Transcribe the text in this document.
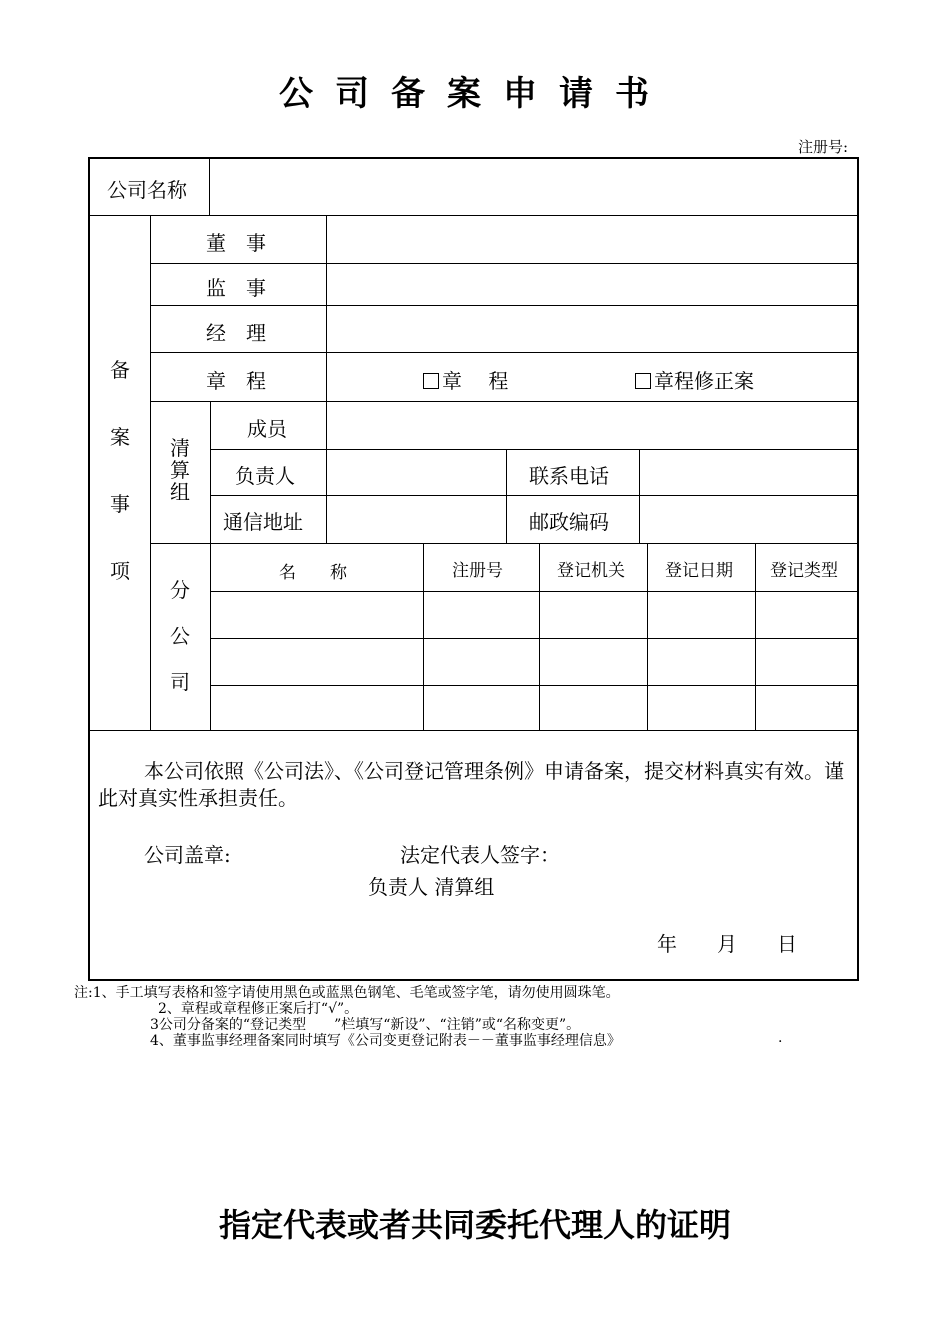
公司备案申请书
注册号:
公司名称
备
案
事
项
董　事
监　事
经　理
章　程	章　 程	章程修正案
清
算
组
成员
负责人	联系电话
通信地址	邮政编码
分
公
司
名　　称	注册号	登记机关 登记日期 登记类型
本公司依照《公司法》、《公司登记管理条例》申请备案，提交材料真实有效。谨此对真实性承担责任。
公司盖章:	法定代表人签字：
负责人 清算组
年　　月　　日
注:1、手工填写表格和签字请使用黑色或蓝黑色钢笔、毛笔或签字笔，请勿使用圆珠笔。
2、章程或章程修正案后打“√”。
3公司分备案的“登记类型　　”栏填写“新设”、“注销”或“名称变更”。
4、董事监事经理备案同时填写《公司变更登记附表－－董事监事经理信息》	.
指定代表或者共同委托代理人的证明
